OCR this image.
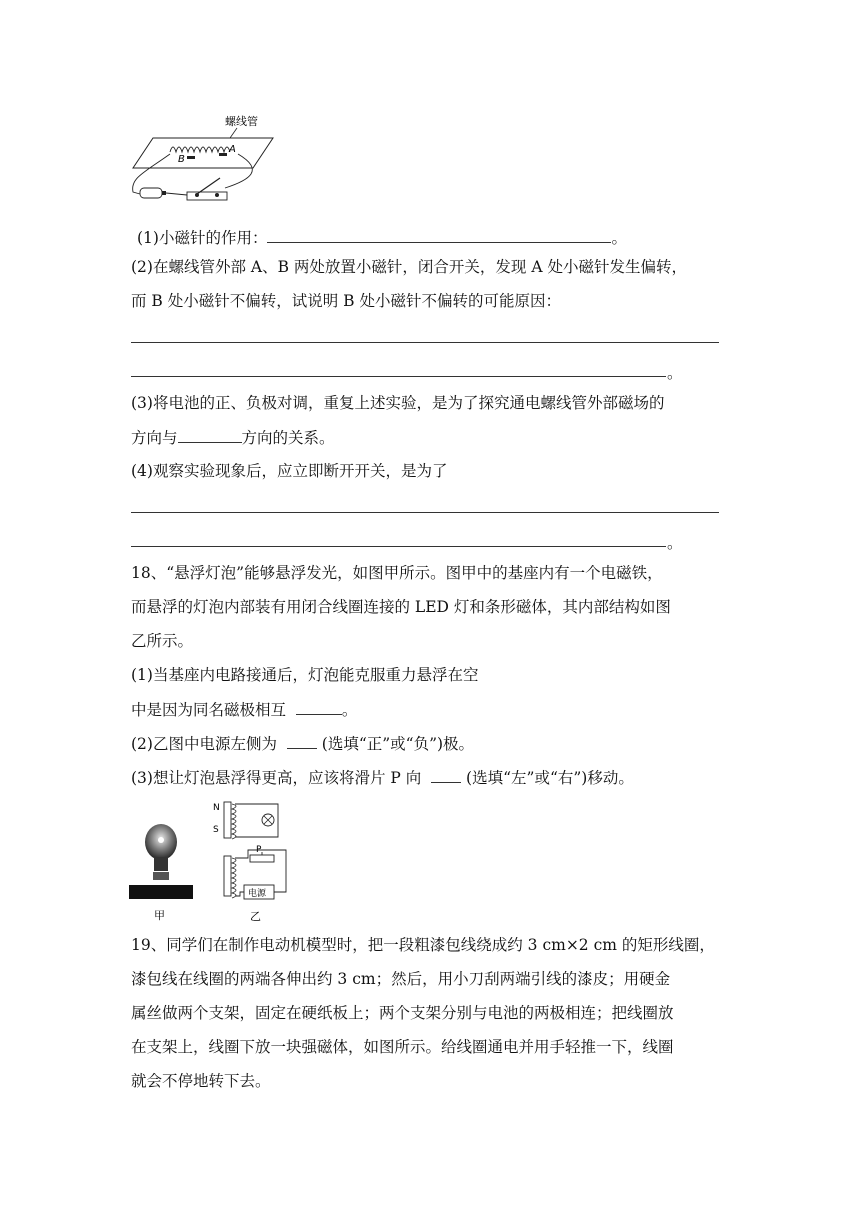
螺线管
B
A
(1)小磁针的作用：	。
(2)在螺线管外部 A、B 两处放置小磁针，闭合开关，发现 A 处小磁针发生偏转，
而 B 处小磁针不偏转，试说明 B 处小磁针不偏转的可能原因：
。
(3)将电池的正、负极对调，重复上述实验，是为了探究通电螺线管外部磁场的
方向与	方向的关系。
(4)观察实验现象后，应立即断开开关，是为了
。
18、“悬浮灯泡”能够悬浮发光，如图甲所示。图甲中的基座内有一个电磁铁，
而悬浮的灯泡内部装有用闭合线圈连接的 LED 灯和条形磁体，其内部结构如图
乙所示。
(1)当基座内电路接通后，灯泡能克服重力悬浮在空
中是因为同名磁极相互	。
(2)乙图中电源左侧为	(选填“正”或“负”)极。
(3)想让灯泡悬浮得更高，应该将滑片 P 向	(选填“左”或“右”)移动。
甲
N
S
P
电源
乙
19、同学们在制作电动机模型时，把一段粗漆包线绕成约 3 cm×2 cm 的矩形线圈，
漆包线在线圈的两端各伸出约 3 cm；然后，用小刀刮两端引线的漆皮；用硬金
属丝做两个支架，固定在硬纸板上；两个支架分别与电池的两极相连；把线圈放
在支架上，线圈下放一块强磁体，如图所示。给线圈通电并用手轻推一下，线圈
就会不停地转下去。
